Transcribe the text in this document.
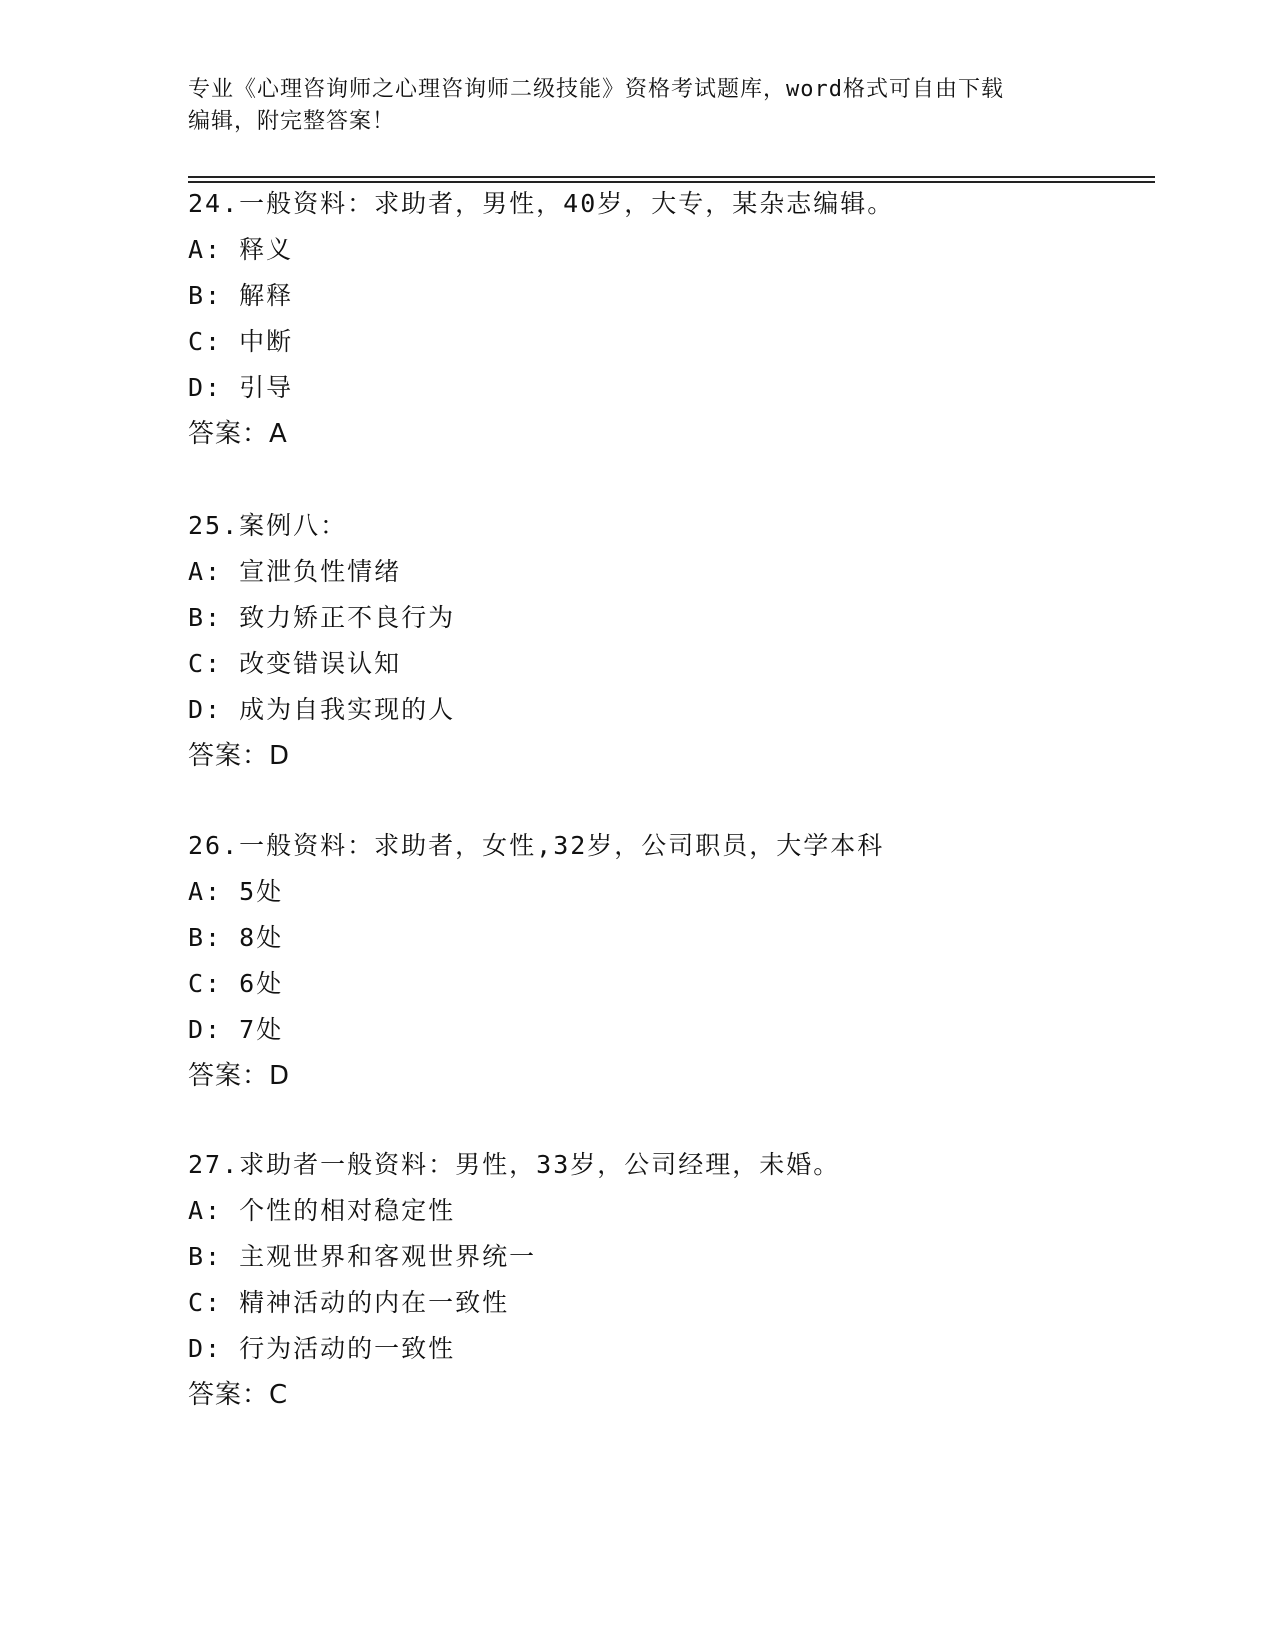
专业《心理咨询师之心理咨询师二级技能》资格考试题库，word格式可自由下载
编辑，附完整答案！
24.一般资料：求助者，男性，40岁，大专，某杂志编辑。
A: 释义
B: 解释
C: 中断
D: 引导
答案：A
25.案例八：
A: 宣泄负性情绪
B: 致力矫正不良行为
C: 改变错误认知
D: 成为自我实现的人
答案：D
26.一般资料：求助者，女性,32岁，公司职员，大学本科
A: 5处
B: 8处
C: 6处
D: 7处
答案：D
27.求助者一般资料：男性，33岁，公司经理，未婚。
A: 个性的相对稳定性
B: 主观世界和客观世界统一
C: 精神活动的内在一致性
D: 行为活动的一致性
答案：C
